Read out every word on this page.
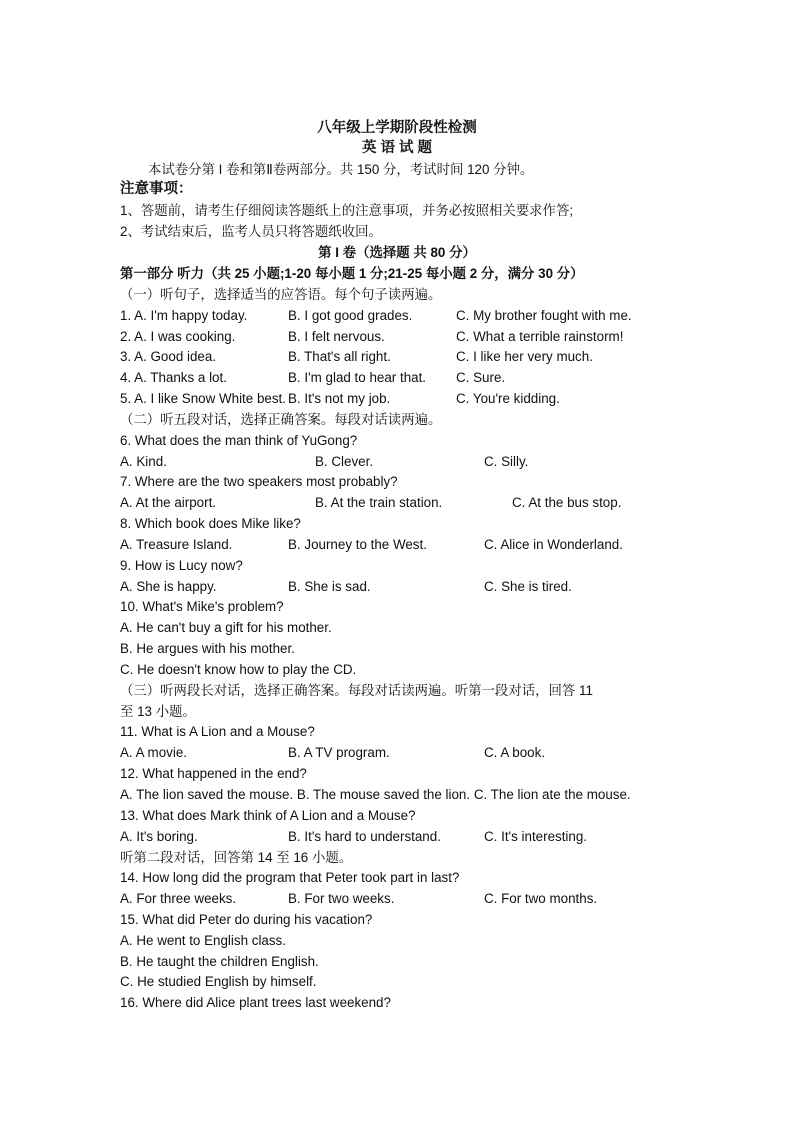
八年级上学期阶段性检测
英 语 试 题
本试卷分第 I 卷和第Ⅱ卷两部分。共 150 分，考试时间 120 分钟。
注意事项：
1、答题前，请考生仔细阅读答题纸上的注意事项，并务必按照相关要求作答;
2、考试结束后，监考人员只将答题纸收回。
第 I 卷（选择题 共 80 分）
第一部分 听力（共 25 小题;1-20 每小题 1 分;21-25 每小题 2 分，满分 30 分）
（一）听句子，选择适当的应答语。每个句子读两遍。
1. A. I'm happy today.	B. I got good grades.	C. My brother fought with me.
2. A. I was cooking.	B. I felt nervous.	C. What a terrible rainstorm!
3. A. Good idea.	B. That's all right.	C. I like her very much.
4. A. Thanks a lot.	B. I'm glad to hear that. C. Sure.
5. A. I like Snow White best. B. It's not my job.	C. You're kidding.
（二）听五段对话，选择正确答案。每段对话读两遍。
6. What does the man think of YuGong?
A. Kind.	B. Clever.	C. Silly.
7. Where are the two speakers most probably?
A. At the airport.	B. At the train station.	C. At the bus stop.
8. Which book does Mike like?
A. Treasure Island.	B. Journey to the West.	C. Alice in Wonderland.
9. How is Lucy now?
A. She is happy.	B. She is sad.	C. She is tired.
10. What's Mike's problem?
A. He can't buy a gift for his mother.
B. He argues with his mother.
C. He doesn't know how to play the CD.
（三）听两段长对话，选择正确答案。每段对话读两遍。听第一段对话，回答 11
至 13 小题。
11. What is A Lion and a Mouse?
A. A movie.	B. A TV program.	C. A book.
12. What happened in the end?
A. The lion saved the mouse. B. The mouse saved the lion. C. The lion ate the mouse.
13. What does Mark think of A Lion and a Mouse?
A. It's boring.	B. It's hard to understand.	C. It's interesting.
听第二段对话，回答第 14 至 16 小题。
14. How long did the program that Peter took part in last?
A. For three weeks.	B. For two weeks.	C. For two months.
15. What did Peter do during his vacation?
A. He went to English class.
B. He taught the children English.
C. He studied English by himself.
16. Where did Alice plant trees last weekend?
